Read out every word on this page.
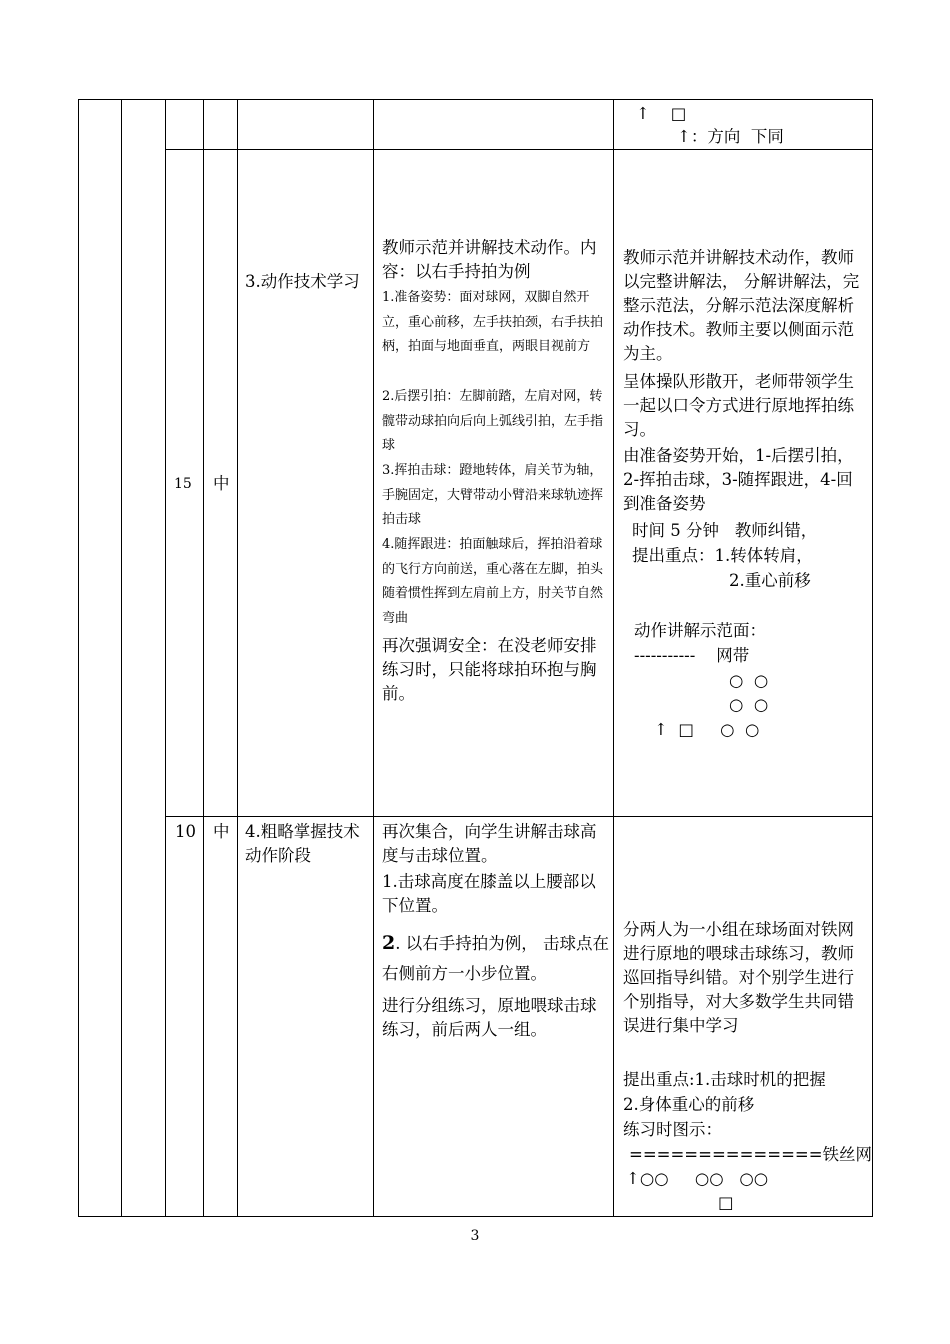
↑    □
↑：方向  下同
15 中
3.动作技术学习
教师示范并讲解技术动作。内容：以右手持拍为例
1.准备姿势：面对球网，双脚自然开立，重心前移，左手扶拍颈，右手扶拍柄，拍面与地面垂直，两眼目视前方
2.后摆引拍：左脚前踏，左肩对网，转髋带动球拍向后向上弧线引拍，左手指球
3.挥拍击球：蹬地转体，肩关节为轴，手腕固定，大臂带动小臂沿来球轨迹挥拍击球
4.随挥跟进：拍面触球后，挥拍沿着球的飞行方向前送，重心落在左脚，拍头随着惯性挥到左肩前上方，肘关节自然弯曲
再次强调安全：在没老师安排练习时，只能将球拍环抱与胸前。
教师示范并讲解技术动作，教师以完整讲解法， 分解讲解法，完整示范法，分解示范法深度解析动作技术。教师主要以侧面示范为主。
呈体操队形散开，老师带领学生一起以口令方式进行原地挥拍练习。
由准备姿势开始，1-后摆引拍，2-挥拍击球，3-随挥跟进，4-回到准备姿势
时间 5 分钟   教师纠错，
提出重点：1.转体转肩，
2.重心前移
动作讲解示范面：
-----------    网带
○  ○
○  ○
↑  □     ○  ○
10 中 4.粗略掌握技术动作阶段
再次集合，向学生讲解击球高度与击球位置。
1.击球高度在膝盖以上腰部以下位置。
2. 以右手持拍为例， 击球点在右侧前方一小步位置。
进行分组练习，原地喂球击球练习，前后两人一组。
分两人为一小组在球场面对铁网进行原地的喂球击球练习，教师巡回指导纠错。对个别学生进行个别指导，对大多数学生共同错误进行集中学习
提出重点:1.击球时机的把握
2.身体重心的前移
练习时图示：
==============铁丝网
↑○○     ○○   ○○
□
3
